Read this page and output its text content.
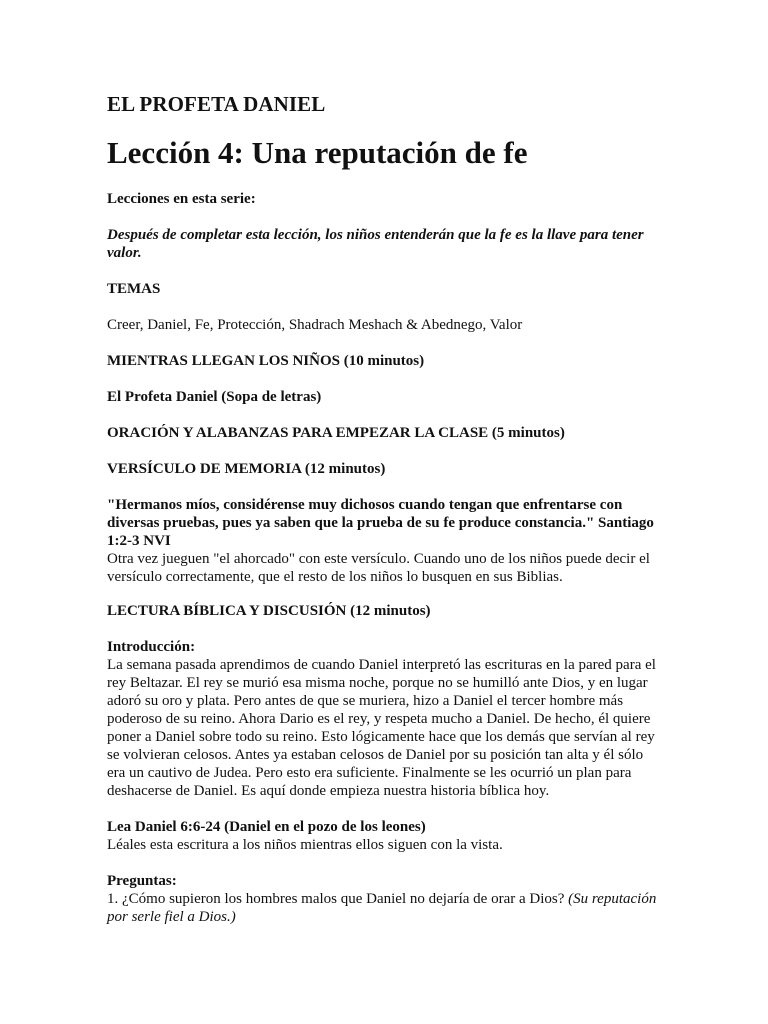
EL PROFETA DANIEL
Lección 4: Una reputación de fe

Lecciones en esta serie:

Después de completar esta lección, los niños entenderán que la fe es la llave para tener valor.

TEMAS

Creer, Daniel, Fe, Protección, Shadrach Meshach & Abednego, Valor

MIENTRAS LLEGAN LOS NIÑOS (10 minutos)

El Profeta Daniel (Sopa de letras)

ORACIÓN Y ALABANZAS PARA EMPEZAR LA CLASE (5 minutos)

VERSÍCULO DE MEMORIA (12 minutos)

"Hermanos míos, considérense muy dichosos cuando tengan que enfrentarse con diversas pruebas, pues ya saben que la prueba de su fe produce constancia." Santiago 1:2-3 NVI

Otra vez jueguen "el ahorcado" con este versículo. Cuando uno de los niños puede decir el versículo correctamente, que el resto de los niños lo busquen en sus Biblias.

LECTURA BÍBLICA Y DISCUSIÓN (12 minutos)

Introducción:

La semana pasada aprendimos de cuando Daniel interpretó las escrituras en la pared para el rey Beltazar. El rey se murió esa misma noche, porque no se humilló ante Dios, y en lugar adoró su oro y plata. Pero antes de que se muriera, hizo a Daniel el tercer hombre más poderoso de su reino. Ahora Dario es el rey, y respeta mucho a Daniel. De hecho, él quiere poner a Daniel sobre todo su reino. Esto lógicamente hace que los demás que servían al rey se volvieran celosos. Antes ya estaban celosos de Daniel por su posición tan alta y él sólo era un cautivo de Judea. Pero esto era suficiente. Finalmente se les ocurrió un plan para deshacerse de Daniel. Es aquí donde empieza nuestra historia bíblica hoy.

Lea Daniel 6:6-24 (Daniel en el pozo de los leones)

Léales esta escritura a los niños mientras ellos siguen con la vista.

Preguntas:

1. ¿Cómo supieron los hombres malos que Daniel no dejaría de orar a Dios? (Su reputación por serle fiel a Dios.)
